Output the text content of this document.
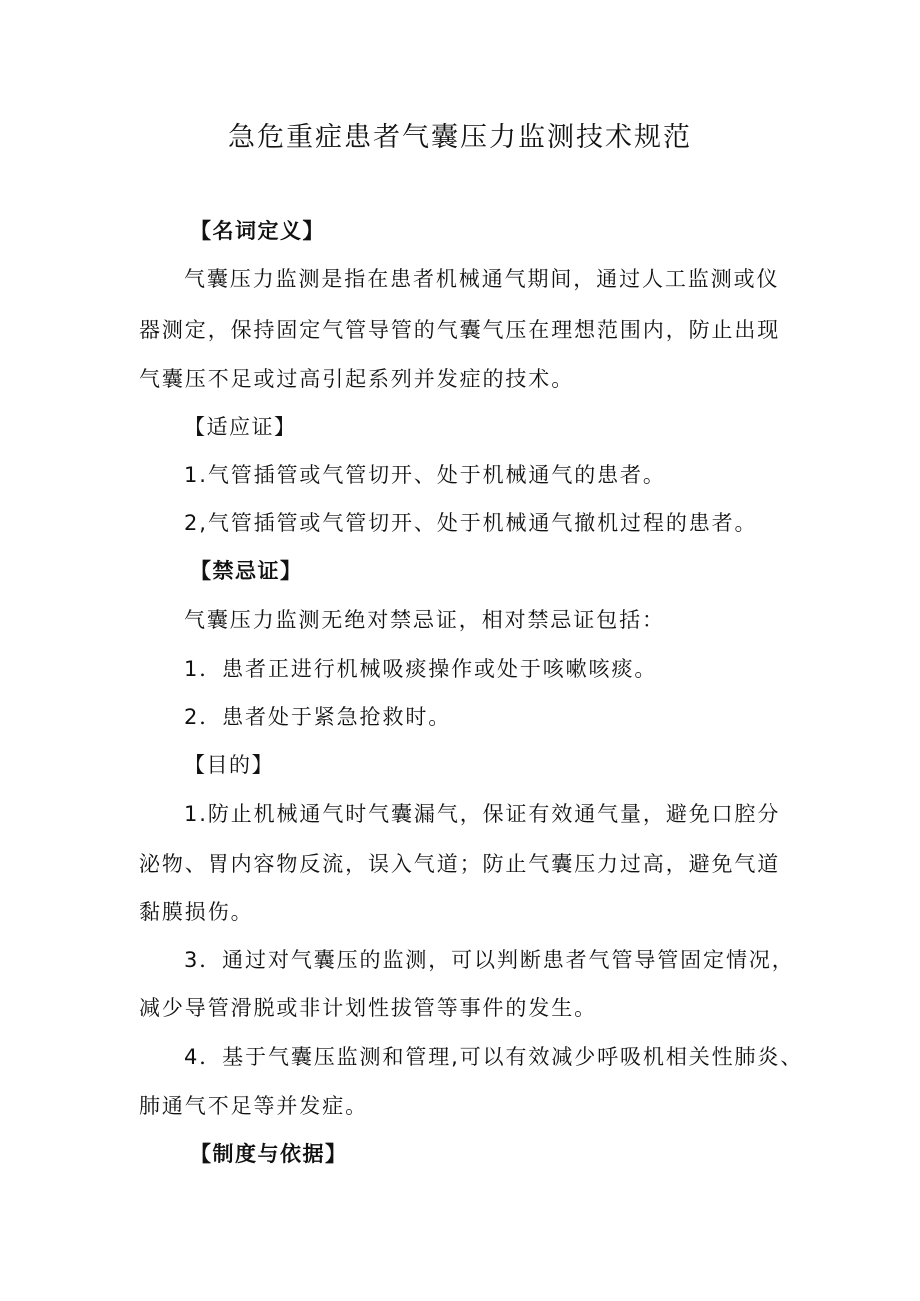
急危重症患者气囊压力监测技术规范
【名词定义】
气囊压力监测是指在患者机械通气期间，通过人工监测或仪
器测定，保持固定气管导管的气囊气压在理想范围内，防止出现
气囊压不足或过高引起系列并发症的技术。
【适应证】
1.气管插管或气管切开、处于机械通气的患者。
2,气管插管或气管切开、处于机械通气撤机过程的患者。
【禁忌证】
气囊压力监测无绝对禁忌证，相对禁忌证包括：
1．患者正进行机械吸痰操作或处于咳嗽咳痰。
2．患者处于紧急抢救时。
【目的】
1.防止机械通气时气囊漏气，保证有效通气量，避免口腔分
泌物、胃内容物反流，误入气道；防止气囊压力过高，避免气道
黏膜损伤。
3．通过对气囊压的监测，可以判断患者气管导管固定情况，
减少导管滑脱或非计划性拔管等事件的发生。
4．基于气囊压监测和管理,可以有效减少呼吸机相关性肺炎、
肺通气不足等并发症。
【制度与依据】
